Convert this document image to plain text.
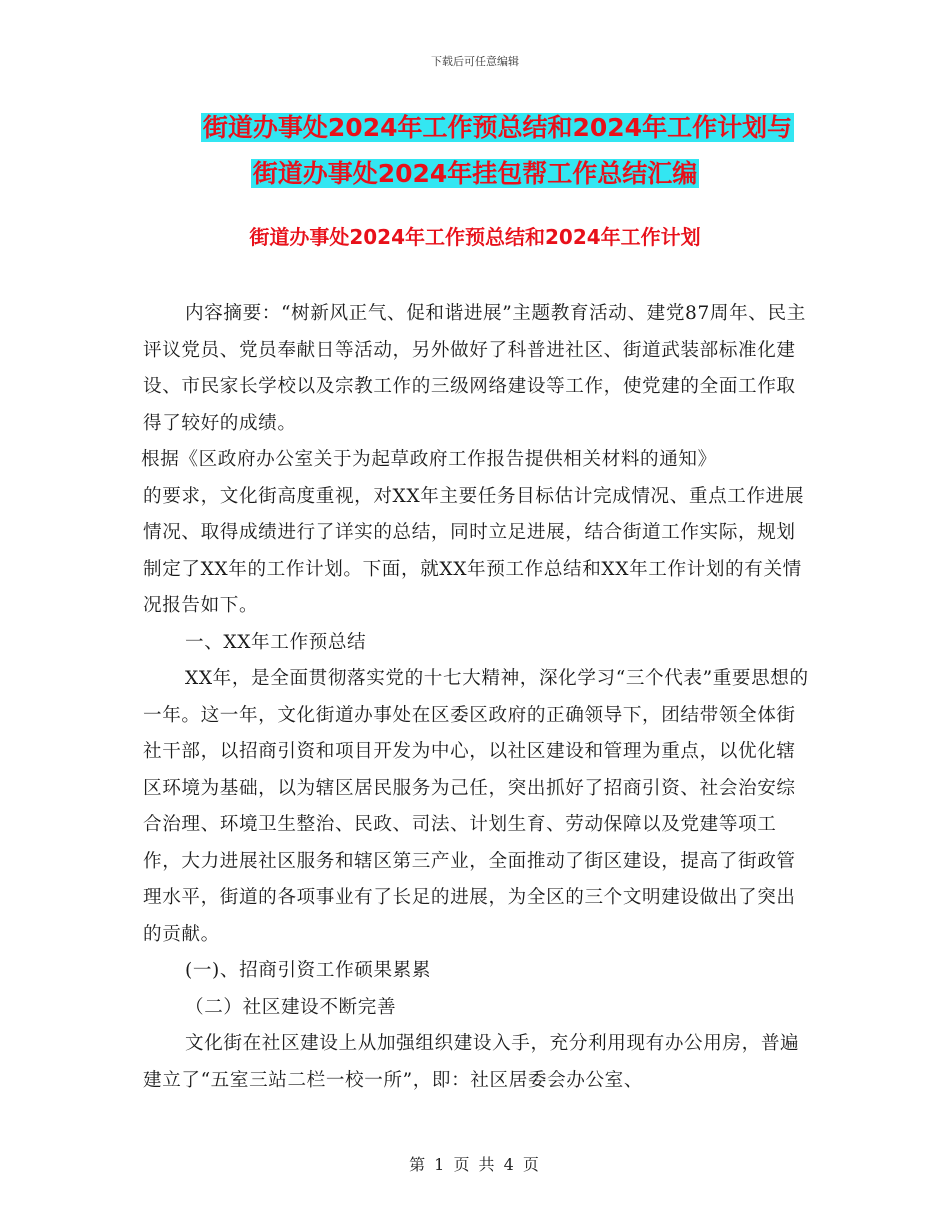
下载后可任意编辑
街道办事处2024年工作预总结和2024年工作计划与
街道办事处2024年挂包帮工作总结汇编
街道办事处2024年工作预总结和2024年工作计划

内容摘要：“树新风正气、促和谐进展”主题教育活动、建党87周年、民主评议党员、党员奉献日等活动，另外做好了科普进社区、街道武装部标准化建设、市民家长学校以及宗教工作的三级网络建设等工作，使党建的全面工作取得了较好的成绩。

根据《区政府办公室关于为起草政府工作报告提供相关材料的通知》

的要求，文化街高度重视，对XX年主要任务目标估计完成情况、重点工作进展情况、取得成绩进行了详实的总结，同时立足进展，结合街道工作实际，规划制定了XX年的工作计划。下面，就XX年预工作总结和XX年工作计划的有关情况报告如下。

一、XX年工作预总结

XX年，是全面贯彻落实党的十七大精神，深化学习“三个代表”重要思想的一年。这一年，文化街道办事处在区委区政府的正确领导下，团结带领全体街社干部，以招商引资和项目开发为中心，以社区建设和管理为重点，以优化辖区环境为基础，以为辖区居民服务为己任，突出抓好了招商引资、社会治安综合治理、环境卫生整治、民政、司法、计划生育、劳动保障以及党建等项工作，大力进展社区服务和辖区第三产业，全面推动了街区建设，提高了街政管理水平，街道的各项事业有了长足的进展，为全区的三个文明建设做出了突出的贡献。

(一)、招商引资工作硕果累累

（二）社区建设不断完善

文化街在社区建设上从加强组织建设入手，充分利用现有办公用房，普遍建立了“五室三站二栏一校一所”，即：社区居委会办公室、

第 1 页 共 4 页
